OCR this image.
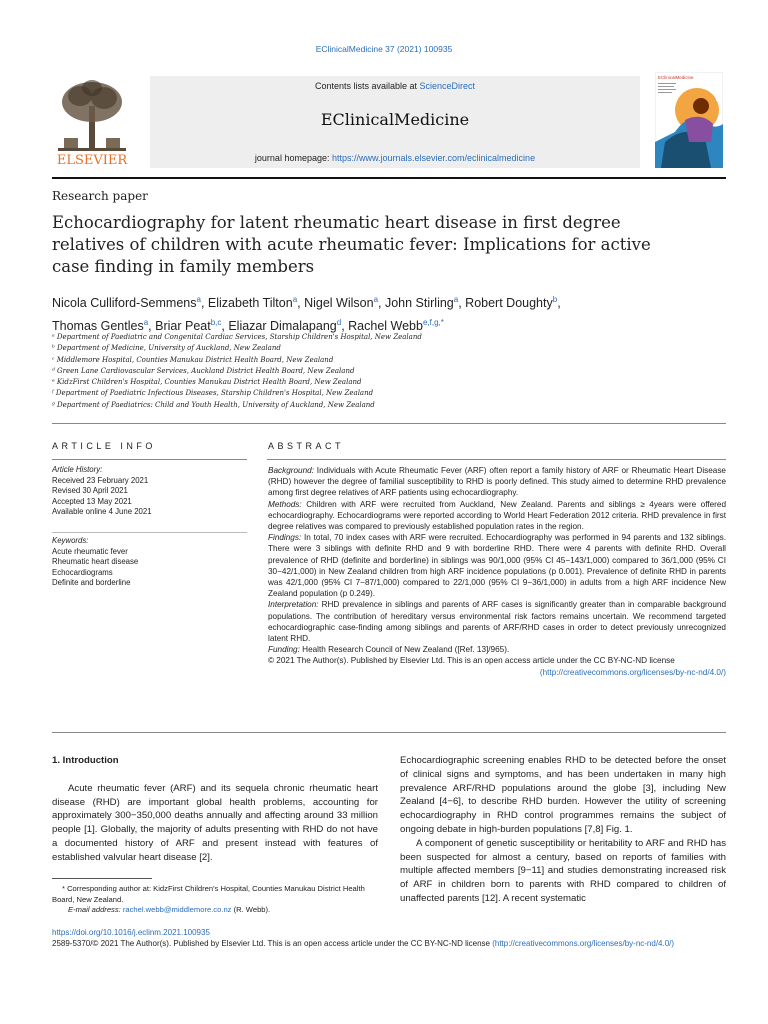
EClinicalMedicine 37 (2021) 100935
ELSEVIER
Contents lists available at ScienceDirect
EClinicalMedicine
journal homepage: https://www.journals.elsevier.com/eclinicalmedicine
EClinicalMedicine
Research paper
Echocardiography for latent rheumatic heart disease in first degree relatives of children with acute rheumatic fever: Implications for active case finding in family members
Nicola Culliford-Semmens$^a$, Elizabeth Tilton$^a$, Nigel Wilson$^a$, John Stirling$^a$, Robert Doughty$^b$,
Thomas Gentles$^a$, Briar Peat$^{b,c}$, Eliazar Dimalapang$^d$, Rachel Webb$^{e,f,g,*}$
ᵃ Department of Paediatric and Congenital Cardiac Services, Starship Children's Hospital, New Zealand
ᵇ Department of Medicine, University of Auckland, New Zealand
ᶜ Middlemore Hospital, Counties Manukau District Health Board, New Zealand
ᵈ Green Lane Cardiovascular Services, Auckland District Health Board, New Zealand
ᵉ KidzFirst Children's Hospital, Counties Manukau District Health Board, New Zealand
ᶠ Department of Paediatric Infectious Diseases, Starship Children's Hospital, New Zealand
ᵍ Department of Paediatrics: Child and Youth Health, University of Auckland, New Zealand
ARTICLE INFO
Article History:
Received 23 February 2021
Revised 30 April 2021
Accepted 13 May 2021
Available online 4 June 2021
Keywords:
Acute rheumatic fever
Rheumatic heart disease
Echocardiograms
Definite and borderline
ABSTRACT

Background: Individuals with Acute Rheumatic Fever (ARF) often report a family history of ARF or Rheumatic Heart Disease (RHD) however the degree of familial susceptibility to RHD is poorly defined. This study aimed to determine RHD prevalence among first degree relatives of ARF patients using echocardiography.

Methods: Children with ARF were recruited from Auckland, New Zealand. Parents and siblings ≥ 4years were offered echocardiography. Echocardiograms were reported according to World Heart Federation 2012 criteria. RHD prevalence in first degree relatives was compared to previously established population rates in the region.

Findings: In total, 70 index cases with ARF were recruited. Echocardiography was performed in 94 parents and 132 siblings. There were 3 siblings with definite RHD and 9 with borderline RHD. There were 4 parents with definite RHD. Overall prevalence of RHD (definite and borderline) in siblings was 90/1,000 (95% CI 45−143/1,000) compared to 36/1,000 (95% CI 30−42/1,000) in New Zealand children from high ARF incidence populations (p 0.001). Prevalence of definite RHD in parents was 42/1,000 (95% CI 7−87/1,000) compared to 22/1,000 (95% CI 9−36/1,000) in adults from a high ARF incidence New Zealand population (p 0.249).

Interpretation: RHD prevalence in siblings and parents of ARF cases is significantly greater than in comparable background populations. The contribution of hereditary versus environmental risk factors remains uncertain. We recommend targeted echocardiographic case-finding among siblings and parents of ARF/RHD cases in order to detect previously unrecognized latent RHD.

Funding: Health Research Council of New Zealand ([Ref. 13]/965).

© 2021 The Author(s). Published by Elsevier Ltd. This is an open access article under the CC BY-NC-ND license

(http://creativecommons.org/licenses/by-nc-nd/4.0/)

1. Introduction

Acute rheumatic fever (ARF) and its sequela chronic rheumatic heart disease (RHD) are important global health problems, accounting for approximately 300−350,000 deaths annually and affecting around 33 million people [1]. Globally, the majority of adults presenting with RHD do not have a documented history of ARF and present instead with features of established valvular heart disease [2].

Echocardiographic screening enables RHD to be detected before the onset of clinical signs and symptoms, and has been undertaken in many high prevalence ARF/RHD populations around the globe [3], including New Zealand [4−6], to describe RHD burden. However the utility of screening echocardiography in RHD control programmes remains the subject of ongoing debate in high-burden populations [7,8] Fig. 1.

A component of genetic susceptibility or heritability to ARF and RHD has been suspected for almost a century, based on reports of families with multiple affected members [9−11] and studies demonstrating increased risk of ARF in children born to parents with RHD compared to children of unaffected parents [12]. A recent systematic

* Corresponding author at: KidzFirst Children's Hospital, Counties Manukau District Health Board, New Zealand.
E-mail address: rachel.webb@middlemore.co.nz (R. Webb).
https://doi.org/10.1016/j.eclinm.2021.100935
2589-5370/© 2021 The Author(s). Published by Elsevier Ltd. This is an open access article under the CC BY-NC-ND license (http://creativecommons.org/licenses/by-nc-nd/4.0/)
